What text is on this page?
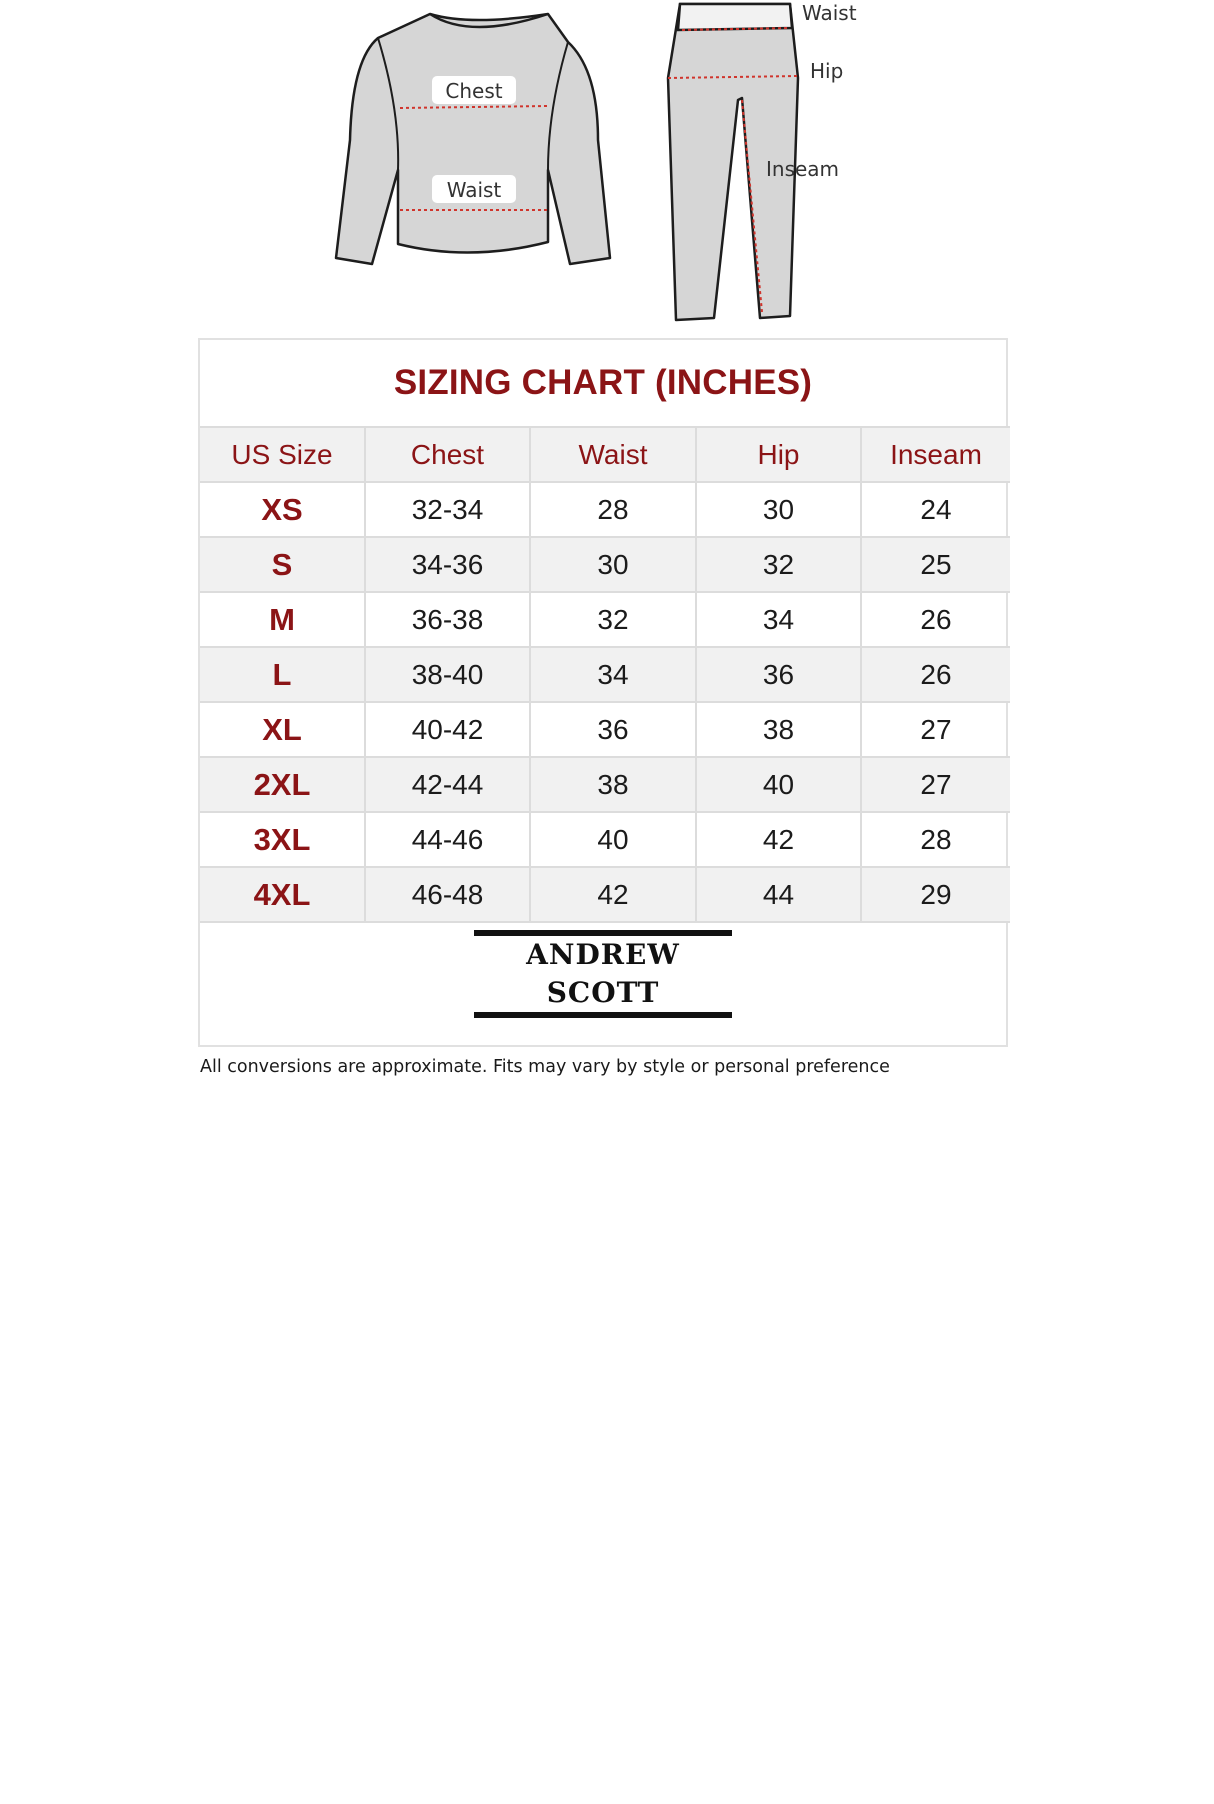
Chest
Waist
Waist
Hip
Inseam
SIZING CHART (INCHES)
US Size	Chest	Waist	Hip	Inseam
XS	32-34	28	30	24
S	34-36	30	32	25
M	36-38	32	34	26
L	38-40	34	36	26
XL	40-42	36	38	27
2XL	42-44	38	40	27
3XL	44-46	40	42	28
4XL	46-48	42	44	29
ANDREW SCOTT
All conversions are approximate. Fits may vary by style or personal preference
